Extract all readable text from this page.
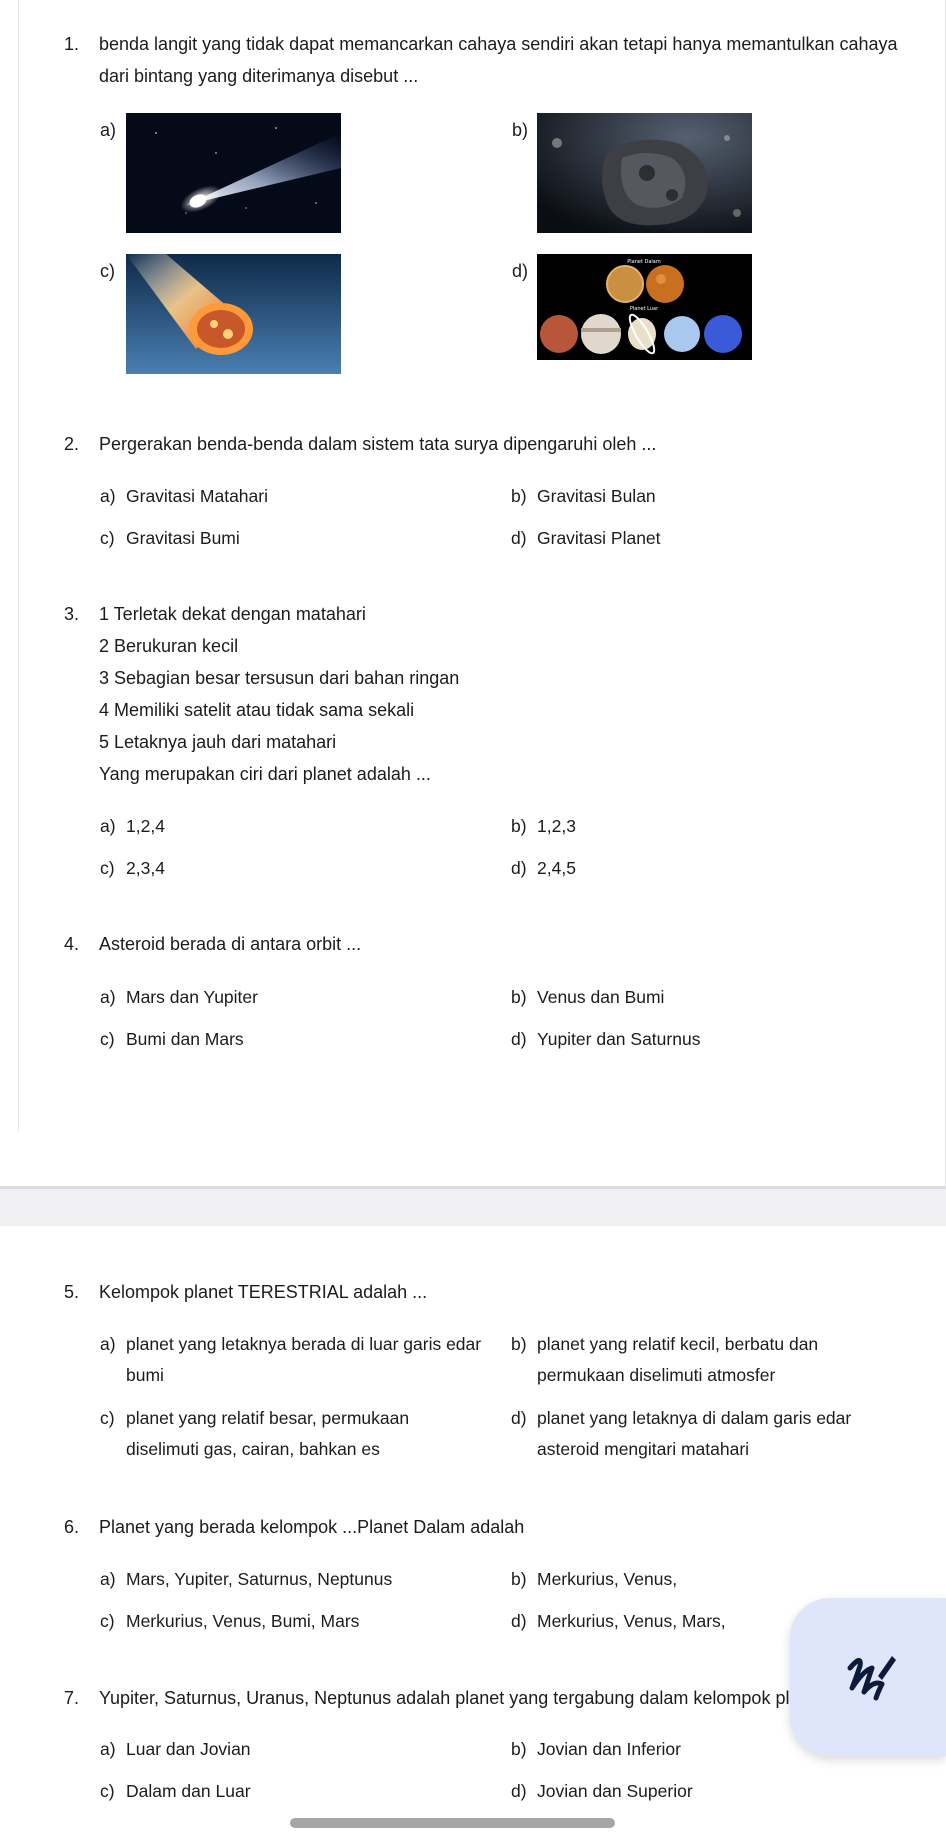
1. benda langit yang tidak dapat memancarkan cahaya sendiri akan tetapi hanya memantulkan cahaya
dari bintang yang diterimanya disebut ...
a)	b)
c)	d)	Planet Dalam
Planet Luar
2. Pergerakan benda-benda dalam sistem tata surya dipengaruhi oleh ...
a) Gravitasi Matahari	b) Gravitasi Bulan
c) Gravitasi Bumi	d) Gravitasi Planet
3. 1 Terletak dekat dengan matahari
2 Berukuran kecil
3 Sebagian besar tersusun dari bahan ringan
4 Memiliki satelit atau tidak sama sekali
5 Letaknya jauh dari matahari
Yang merupakan ciri dari planet adalah ...
a) 1,2,4	b) 1,2,3
c) 2,3,4	d) 2,4,5
4. Asteroid berada di antara orbit ...
a) Mars dan Yupiter	b) Venus dan Bumi
c) Bumi dan Mars	d) Yupiter dan Saturnus
5. Kelompok planet TERESTRIAL adalah ...
a) planet yang letaknya berada di luar garis edar
bumi
b) planet yang relatif kecil, berbatu dan
permukaan diselimuti atmosfer
c) planet yang relatif besar, permukaan
diselimuti gas, cairan, bahkan es
d) planet yang letaknya di dalam garis edar
asteroid mengitari matahari
6. Planet yang berada kelompok ...Planet Dalam adalah
a) Mars, Yupiter, Saturnus, Neptunus	b) Merkurius, Venus,
c) Merkurius, Venus, Bumi, Mars	d) Merkurius, Venus, Mars,
7. Yupiter, Saturnus, Uranus, Neptunus adalah planet yang tergabung dalam kelompok pl
a) Luar dan Jovian	b) Jovian dan Inferior
c) Dalam dan Luar	d) Jovian dan Superior
